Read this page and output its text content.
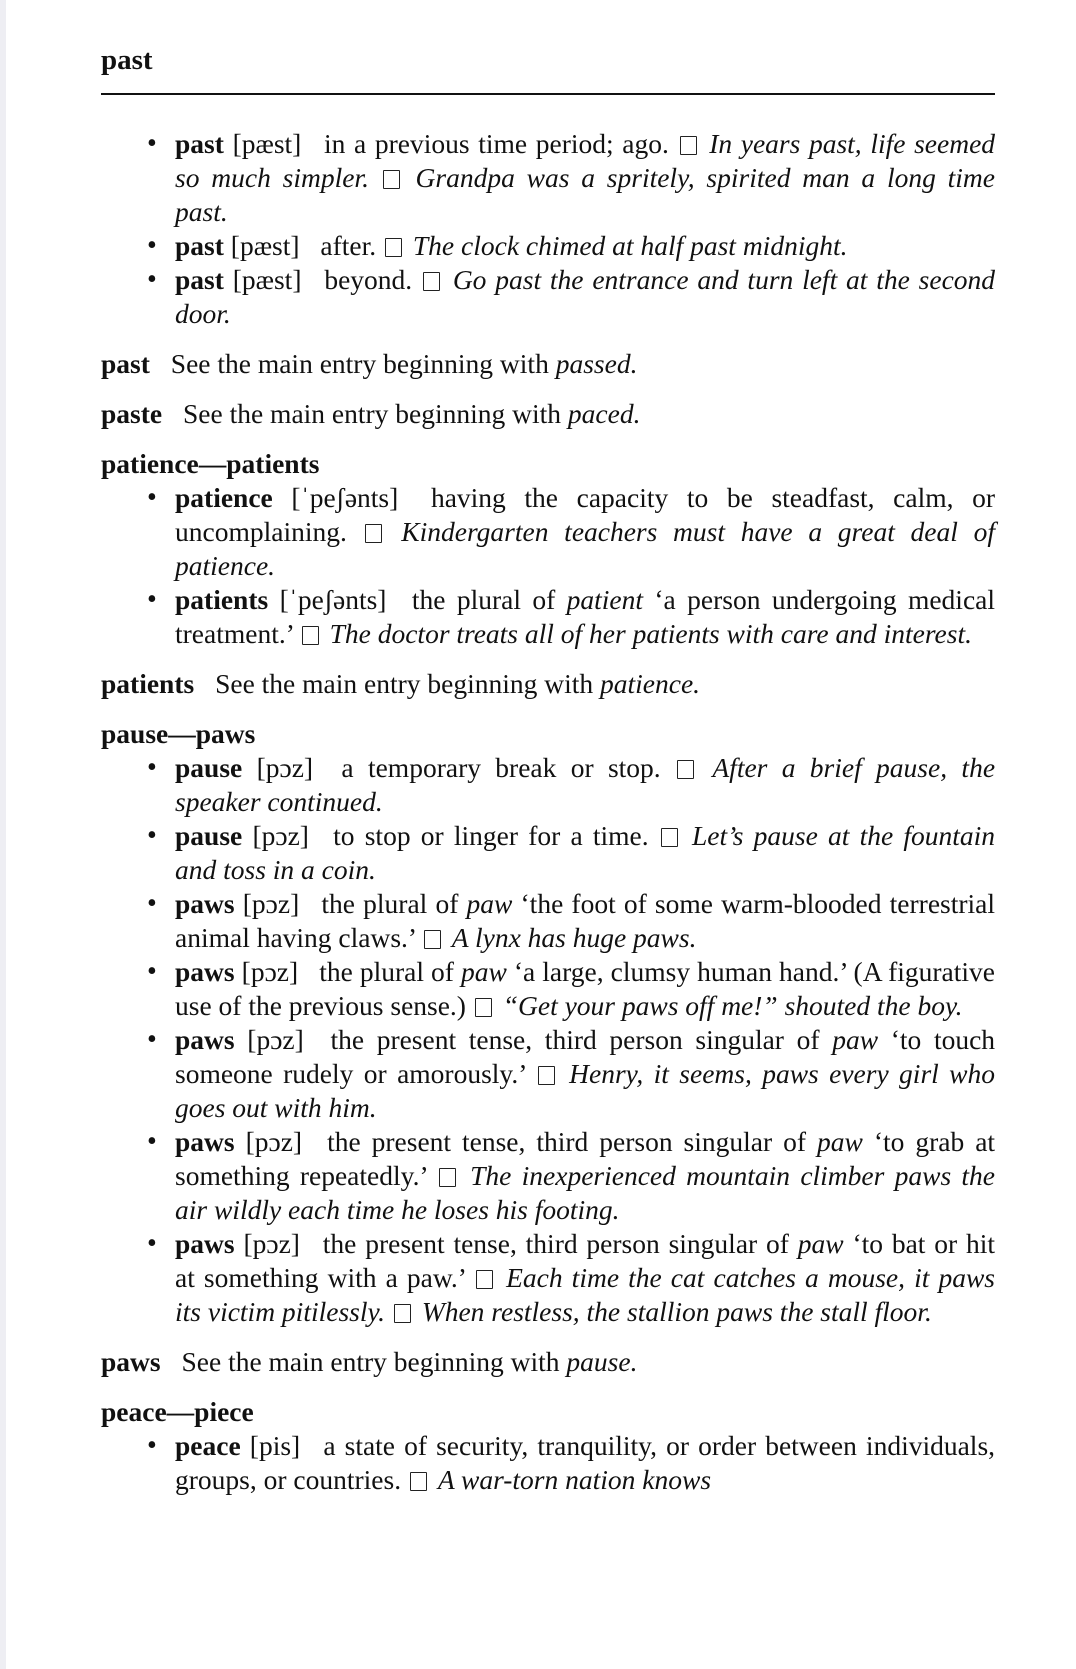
past
• past [pæst] in a previous time period; ago. In years past, life seemed so much simpler. Grandpa was a spritely, spirited man a long time past.
• past [pæst] after. The clock chimed at half past midnight.
• past [pæst] beyond. Go past the entrance and turn left at the second door.

past See the main entry beginning with passed.

paste See the main entry beginning with paced.

patience—patients

• patience [ˈpeʃənts] having the capacity to be steadfast, calm, or uncomplaining. Kindergarten teachers must have a great deal of patience.
• patients [ˈpeʃənts] the plural of patient ‘a person undergoing medical treatment.’ The doctor treats all of her patients with care and interest.

patients See the main entry beginning with patience.

pause—paws

• pause [pɔz] a temporary break or stop. After a brief pause, the speaker continued.
• pause [pɔz] to stop or linger for a time. Let’s pause at the fountain and toss in a coin.
• paws [pɔz] the plural of paw ‘the foot of some warm-blooded terrestrial animal having claws.’ A lynx has huge paws.
• paws [pɔz] the plural of paw ‘a large, clumsy human hand.’ (A figurative use of the previous sense.) “Get your paws off me!” shouted the boy.
• paws [pɔz] the present tense, third person singular of paw ‘to touch someone rudely or amorously.’ Henry, it seems, paws every girl who goes out with him.
• paws [pɔz] the present tense, third person singular of paw ‘to grab at something repeatedly.’ The inexperienced mountain climber paws the air wildly each time he loses his footing.
• paws [pɔz] the present tense, third person singular of paw ‘to bat or hit at something with a paw.’ Each time the cat catches a mouse, it paws its victim pitilessly. When restless, the stallion paws the stall floor.

paws See the main entry beginning with pause.

peace—piece

• peace [pis] a state of security, tranquility, or order between individuals, groups, or countries. A war-torn nation knows
